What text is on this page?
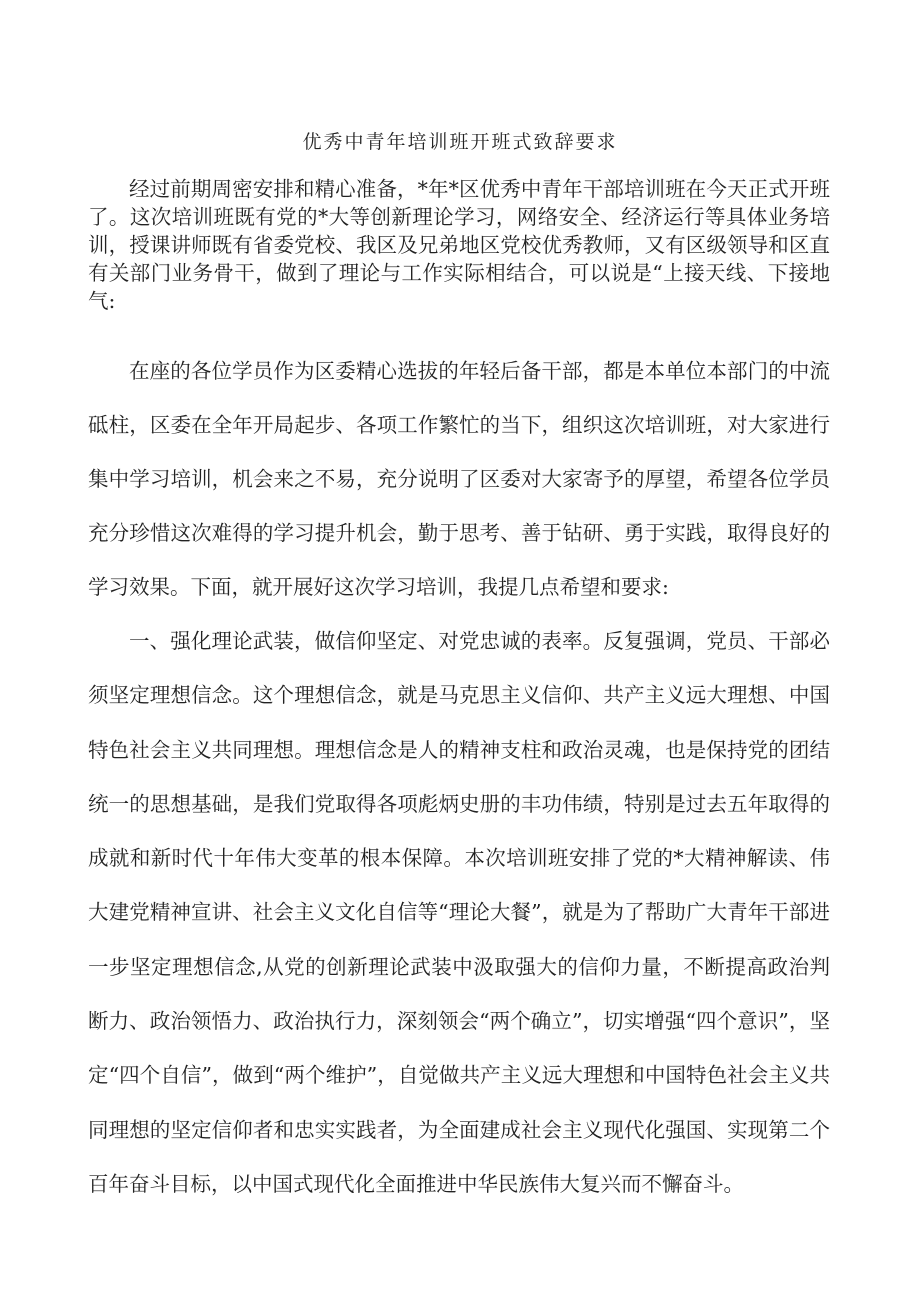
优秀中青年培训班开班式致辞要求

经过前期周密安排和精心准备，*年*区优秀中青年干部培训班在今天正式开班了。这次培训班既有党的*大等创新理论学习，网络安全、经济运行等具体业务培训，授课讲师既有省委党校、我区及兄弟地区党校优秀教师，又有区级领导和区直有关部门业务骨干，做到了理论与工作实际相结合，可以说是“上接天线、下接地气:

在座的各位学员作为区委精心选拔的年轻后备干部，都是本单位本部门的中流砥柱，区委在全年开局起步、各项工作繁忙的当下，组织这次培训班，对大家进行集中学习培训，机会来之不易，充分说明了区委对大家寄予的厚望，希望各位学员充分珍惜这次难得的学习提升机会，勤于思考、善于钻研、勇于实践，取得良好的学习效果。下面，就开展好这次学习培训，我提几点希望和要求:

一、强化理论武装，做信仰坚定、对党忠诚的表率。反复强调，党员、干部必须坚定理想信念。这个理想信念，就是马克思主义信仰、共产主义远大理想、中国特色社会主义共同理想。理想信念是人的精神支柱和政治灵魂，也是保持党的团结统一的思想基础，是我们党取得各项彪炳史册的丰功伟绩，特别是过去五年取得的成就和新时代十年伟大变革的根本保障。本次培训班安排了党的*大精神解读、伟大建党精神宣讲、社会主义文化自信等“理论大餐”，就是为了帮助广大青年干部进一步坚定理想信念,从党的创新理论武装中汲取强大的信仰力量，不断提高政治判断力、政治领悟力、政治执行力，深刻领会“两个确立”，切实增强“四个意识”，坚定“四个自信”，做到“两个维护”，自觉做共产主义远大理想和中国特色社会主义共同理想的坚定信仰者和忠实实践者，为全面建成社会主义现代化强国、实现第二个百年奋斗目标，以中国式现代化全面推进中华民族伟大复兴而不懈奋斗。
